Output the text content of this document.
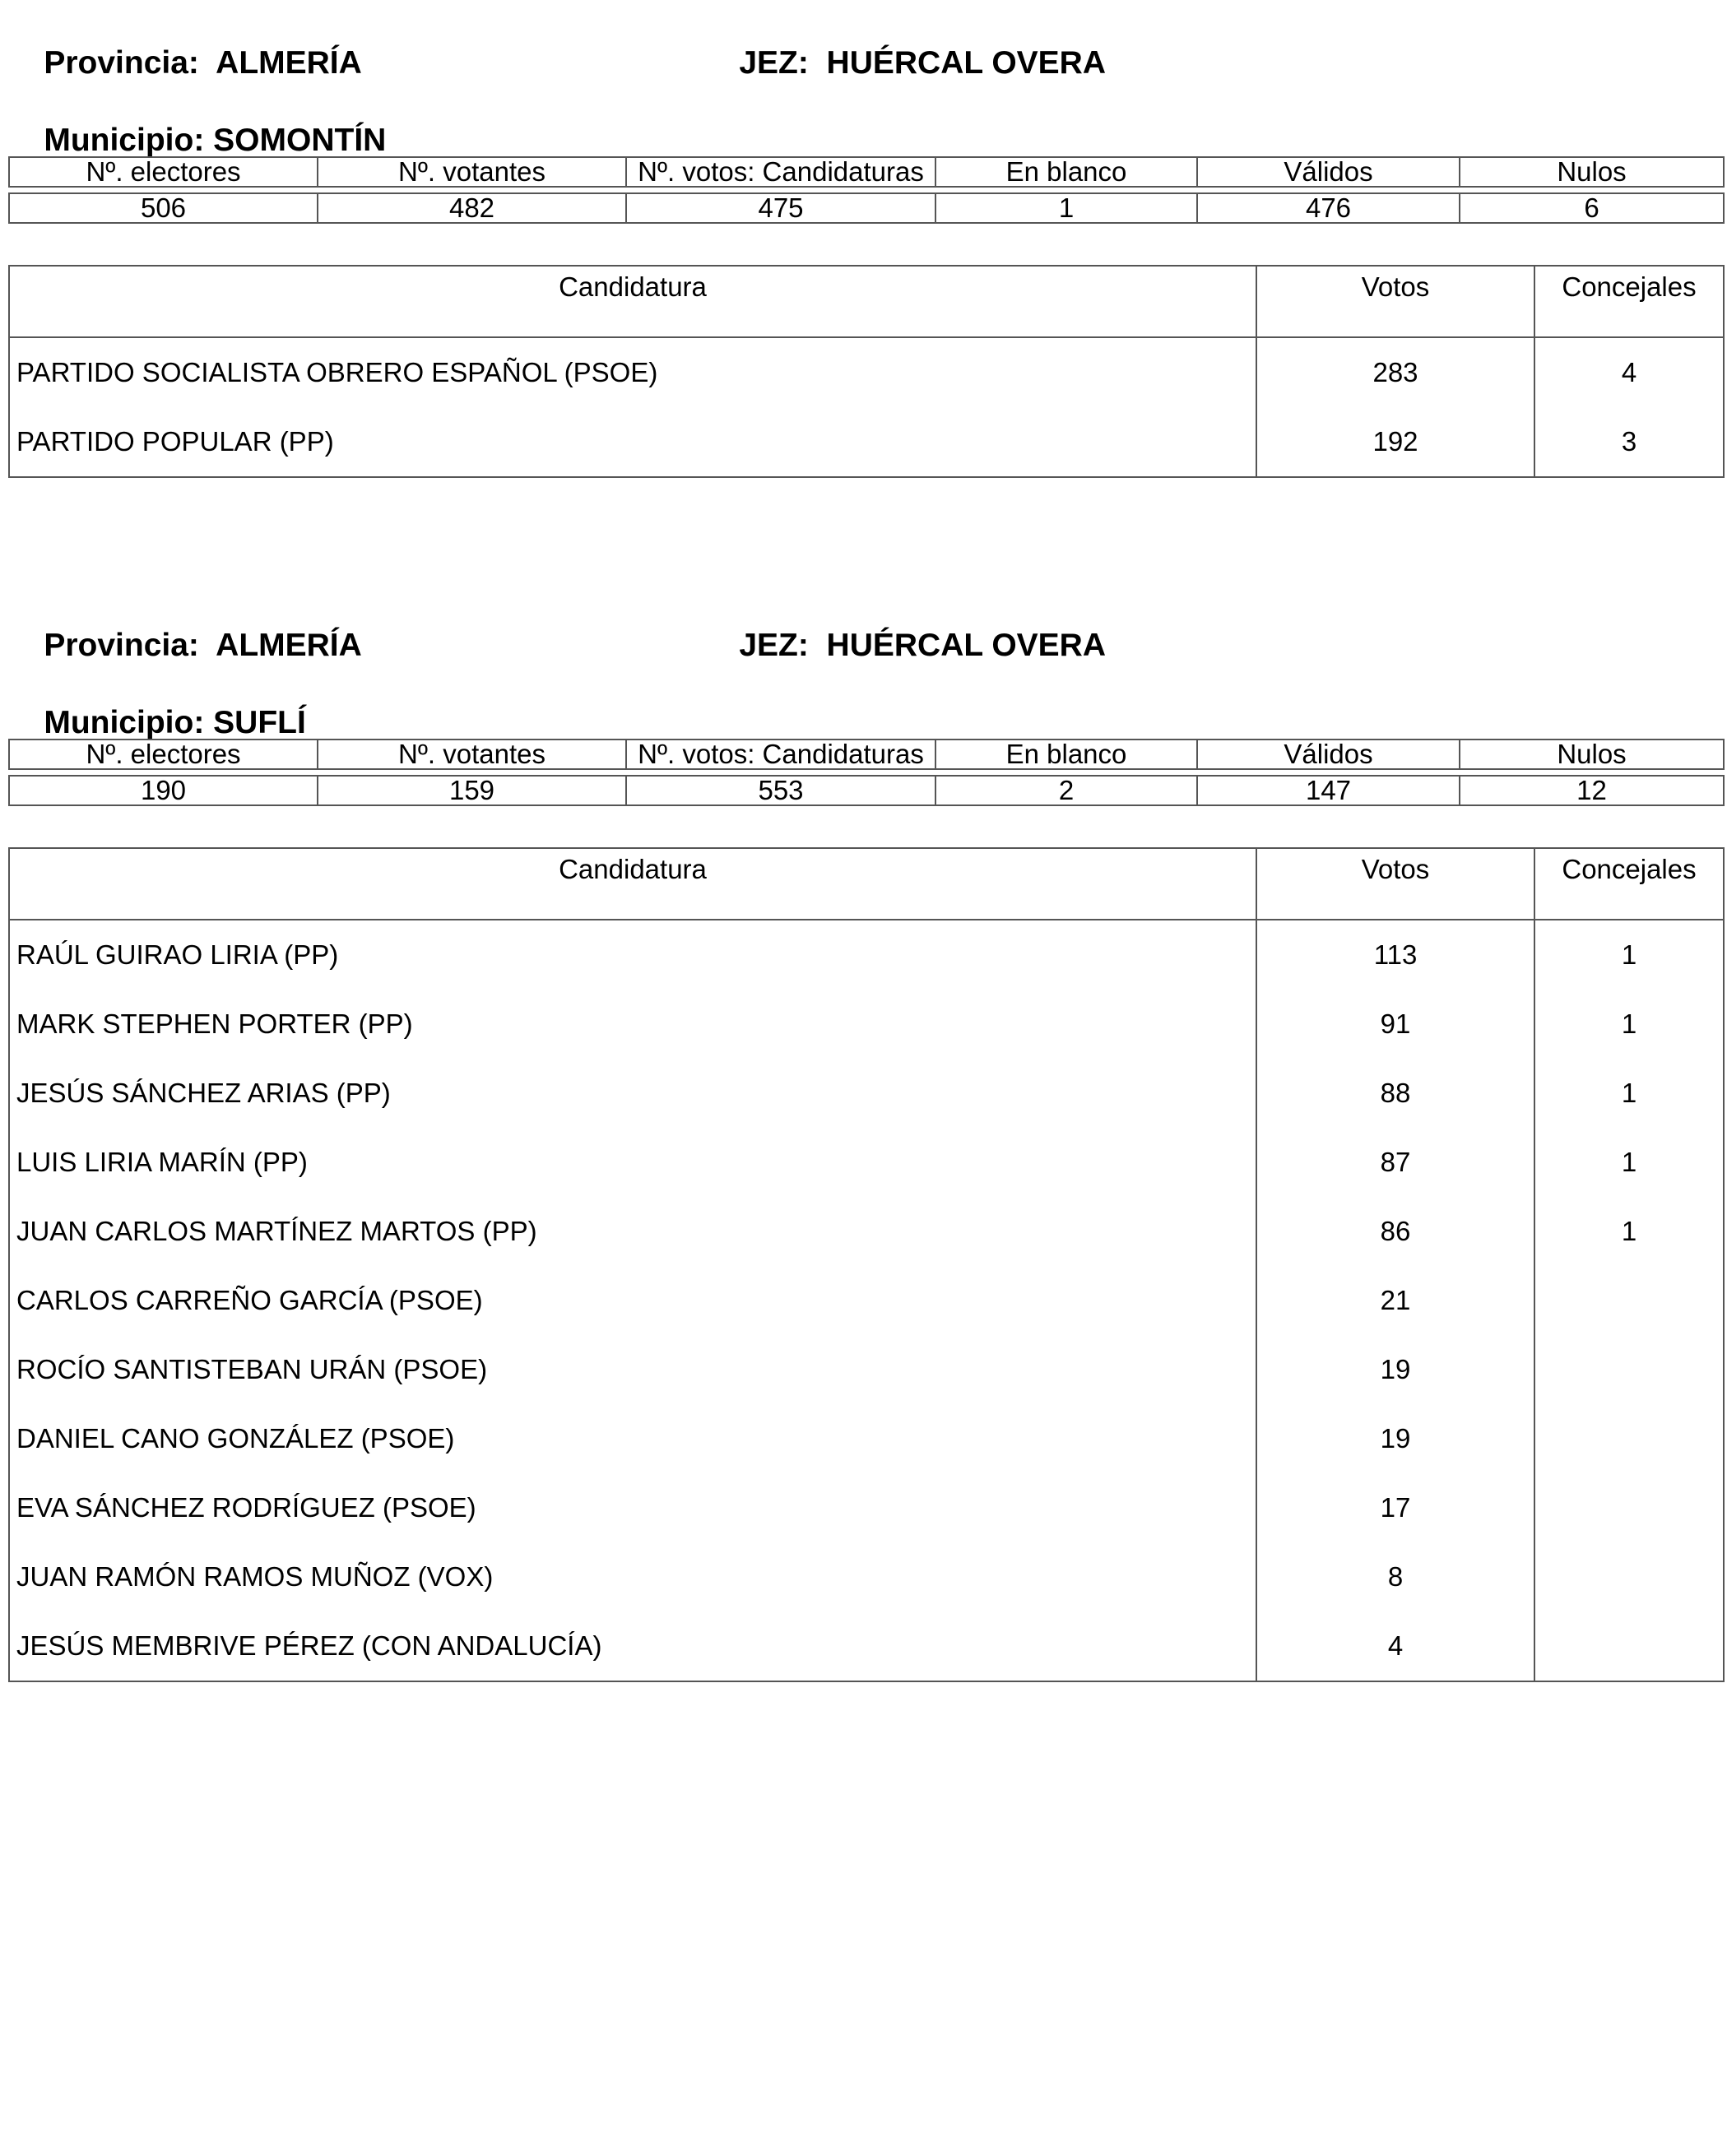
Provincia: ALMERÍA
	JEZ: HUÉRCAL OVERA

Municipio: SOMONTÍN

Nº. electores	Nº. votantes	Nº. votos: Candidaturas	En blanco	Válidos	Nulos

506	482	475	1	476	6
Candidatura	Votos	Concejales
PARTIDO SOCIALISTA OBRERO ESPAÑOL (PSOE)	283	4
PARTIDO POPULAR (PP)	192	3

Provincia: ALMERÍA
	JEZ: HUÉRCAL OVERA

Municipio: SUFLÍ

Nº. electores	Nº. votantes	Nº. votos: Candidaturas	En blanco	Válidos	Nulos

190	159	553	2	147	12
Candidatura	Votos	Concejales
RAÚL GUIRAO LIRIA (PP)	113	1
MARK STEPHEN PORTER (PP)	91	1
JESÚS SÁNCHEZ ARIAS (PP)	88	1
LUIS LIRIA MARÍN (PP)	87	1
JUAN CARLOS MARTÍNEZ MARTOS (PP)	86	1
CARLOS CARREÑO GARCÍA (PSOE)	21	
ROCÍO SANTISTEBAN URÁN (PSOE)	19	
DANIEL CANO GONZÁLEZ (PSOE)	19	
EVA SÁNCHEZ RODRÍGUEZ (PSOE)	17	
JUAN RAMÓN RAMOS MUÑOZ (VOX)	8	
JESÚS MEMBRIVE PÉREZ (CON ANDALUCÍA)	4	
